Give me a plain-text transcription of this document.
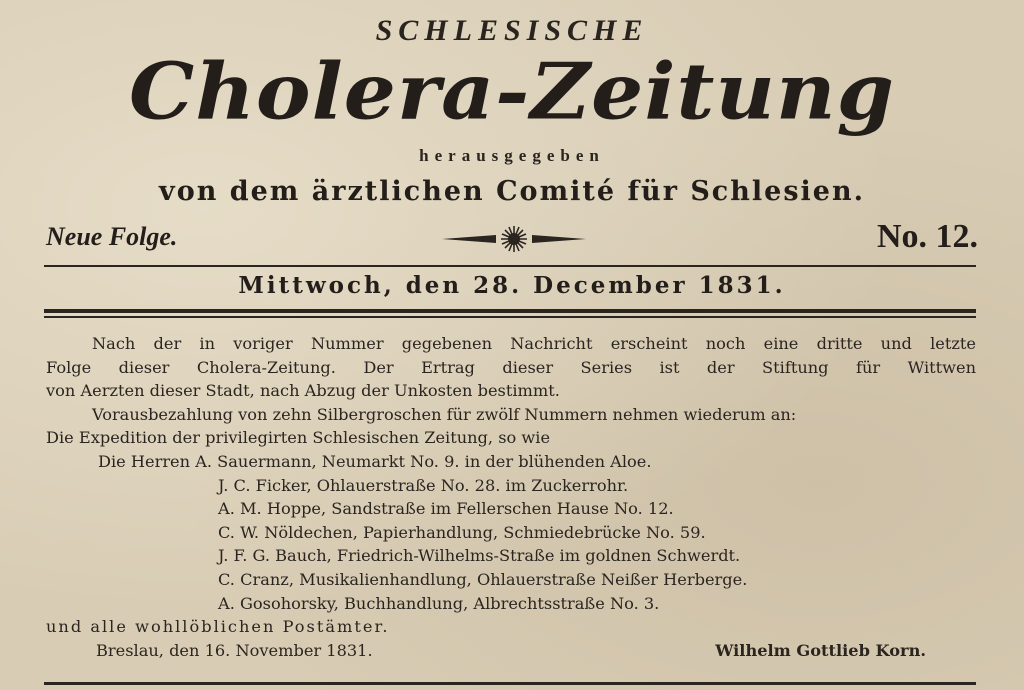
SCHLESISCHE
Cholera-Zeitung
herausgegeben
von dem ärztlichen Comité für Schlesien.
Neue Folge.	No. 12.
Mittwoch, den 28. December 1831.
Nach der in voriger Nummer gegebenen Nachricht erscheint noch eine dritte und letzte
Folge dieser Cholera-Zeitung. Der Ertrag dieser Series ist der Stiftung für Wittwen
von Aerzten dieser Stadt, nach Abzug der Unkosten bestimmt.
Vorausbezahlung von zehn Silbergroschen für zwölf Nummern nehmen wiederum an:
Die Expedition der privilegirten Schlesischen Zeitung, so wie
Die Herren A. Sauermann, Neumarkt No. 9. in der blühenden Aloe.
J. C. Ficker, Ohlauerstraße No. 28. im Zuckerrohr.
A. M. Hoppe, Sandstraße im Fellerschen Hause No. 12.
C. W. Nöldechen, Papierhandlung, Schmiedebrücke No. 59.
J. F. G. Bauch, Friedrich-Wilhelms-Straße im goldnen Schwerdt.
C. Cranz, Musikalienhandlung, Ohlauerstraße Neißer Herberge.
A. Gosohorsky, Buchhandlung, Albrechtsstraße No. 3.
und alle wohllöblichen Postämter.
Breslau, den 16. November 1831.	Wilhelm Gottlieb Korn.
